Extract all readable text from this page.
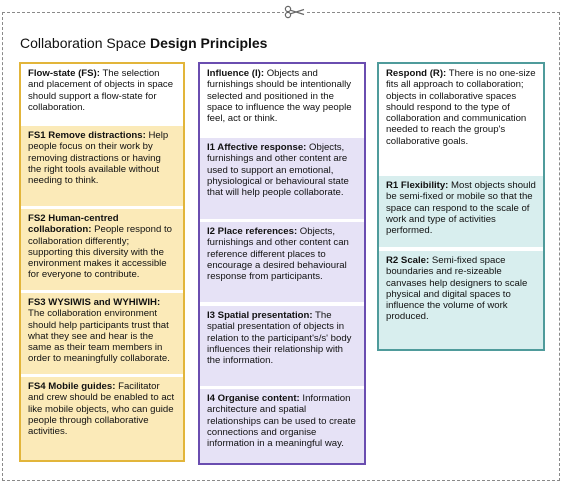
Collaboration Space Design Principles
Flow-state (FS): The selection and placement of objects in space should support a flow-state for collaboration.
FS1 Remove distractions: Help people focus on their work by removing distractions or having the right tools available without needing to think.
FS2 Human-centred collaboration: People respond to collaboration differently; supporting this diversity with the environment makes it accessible for everyone to contribute.
FS3 WYSIWIS and WYHIWIH: The collaboration environment should help participants trust that what they see and hear is the same as their team members in order to meaningfully collaborate.
FS4 Mobile guides: Facilitator and crew should be enabled to act like mobile objects, who can guide people through collaborative activities.
Influence (I): Objects and furnishings should be intentionally selected and positioned in the space to influence the way people feel, act or think.
I1 Affective response: Objects, furnishings and other content are used to support an emotional, physiological or behavioural state that will help people collaborate.
I2 Place references: Objects, furnishings and other content can reference different places to encourage a desired behavioural response from participants.
I3 Spatial presentation: The spatial presentation of objects in relation to the participant's/s' body influences their relationship with the information.
I4 Organise content: Information architecture and spatial relationships can be used to create connections and organise information in a meaningful way.
Respond (R): There is no one-size fits all approach to collaboration; objects in collaborative spaces should respond to the type of collaboration and communication needed to reach the group's collaborative goals.
R1 Flexibility: Most objects should be semi-fixed or mobile so that the space can respond to the scale of work and type of activities performed.
R2 Scale: Semi-fixed space boundaries and re-sizeable canvases help designers to scale physical and digital spaces to influence the volume of work produced.
